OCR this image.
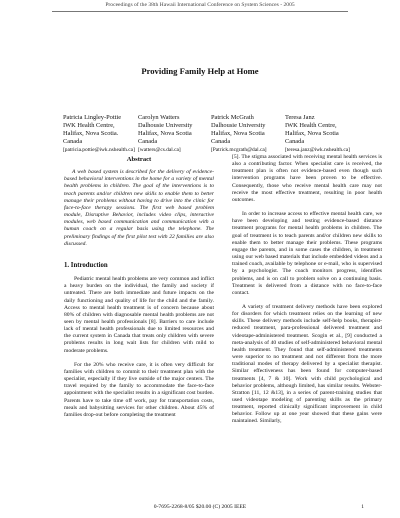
Proceedings of the 38th Hawaii International Conference on System Sciences - 2005
Providing Family Help at Home
Patricia Lingley-Pottie
IWK Health Centre,
Halifax, Nova Scotia.
Canada
[patricia.pottie@iwk.nshealth.ca]
Carolyn Watters
Dalhousie University
Halifax, Nova Scotia
Canada
[watters@cs.dal.ca]
Patrick McGrath
Dalhousie University
Halifax, Nova Scotia
Canada
[Patrick.mcgrath@dal.ca]
Teresa Janz
IWK Health Centre,
Halifax, Nova Scotia
Canada
[teresa.janz@iwk.nshealth.ca]
Abstract

A web based system is described for the delivery of evidence-based behavioral interventions in the home for a variety of mental health problems in children. The goal of the interventions is to teach parents and/or children new skills to enable them to better manage their problems without having to drive into the clinic for face-to-face therapy sessions. The first web based problem module, Disruptive Behavior, includes video clips, interactive modules, web based communication and communication with a human coach on a regular basis using the telephone. The preliminary findings of the first pilot test with 22 families are also discussed.

1. Introduction

Pediatric mental health problems are very common and inflict a heavy burden on the individual, the family and society if untreated. There are both immediate and future impacts on the daily functioning and quality of life for the child and the family. Access to mental health treatment is of concern because about 80% of children with diagnosable mental health problems are not seen by mental health professionals [8]. Barriers to care include lack of mental health professionals due to limited resources and the current system in Canada that treats only children with severe problems results in long wait lists for children with mild to moderate problems.

For the 20% who receive care, it is often very difficult for families with children to commit to their treatment plan with the specialist, especially if they live outside of the major centers. The travel required by the family to accommodate the face-to-face appointment with the specialist results in a significant cost burden. Parents have to take time off work, pay for transportation costs, meals and babysitting services for other children. About 45% of families drop-out before completing the treatment

[5]. The stigma associated with receiving mental health services is also a contributing factor. When specialist care is received, the treatment plan is often not evidence-based even though such intervention programs have been proven to be effective. Consequently, those who receive mental health care may not receive the most effective treatment, resulting in poor health outcomes.

In order to increase access to effective mental health care, we have been developing and testing evidence-based distance treatment programs for mental health problems in children. The goal of treatment is to teach parents and/or children new skills to enable them to better manage their problems. These programs engage the parents, and in some cases the children, in treatment using our web based materials that include embedded videos and a trained coach, available by telephone or e-mail, who is supervised by a psychologist. The coach monitors progress, identifies problems, and is on call to problem solve on a continuing basis. Treatment is delivered from a distance with no face-to-face contact.

A variety of treatment delivery methods have been explored for disorders for which treatment relies on the learning of new skills. These delivery methods include self-help books, therapist-reduced treatment, para-professional delivered treatment and videotape-administered treatment. Scogin et al., [9] conducted a meta-analysis of 40 studies of self-administered behavioral mental health treatment. They found that self-administered treatments were superior to no treatment and not different from the more traditional modes of therapy delivered by a specialist therapist. Similar effectiveness has been found for computer-based treatments [4, 7 & 10]. Work with child psychological and behavior problems, although limited, has similar results. Webster-Stratton [11, 12 &13], in a series of parent-training studies that used videotape modeling of parenting skills as the primary treatment, reported clinically significant improvement in child behavior. Follow up at one year showed that these gains were maintained. Similarly,

0-7695-2268-8/05 $20.00 (C) 2005 IEEE	1
